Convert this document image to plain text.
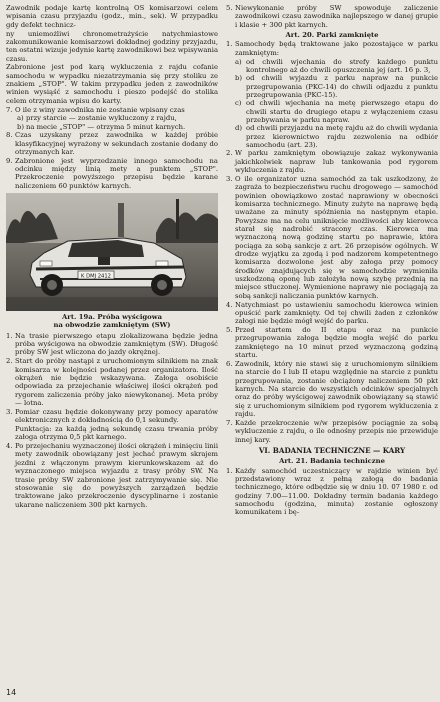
Zawodnik podaje kartę kontrolną OS komisarzowi celem wpisania czasu przyjazdu (godz., min., sek). W przypadku gdy defekt technicz-

ny uniemożliwi chronometrażyście natychmiastowe zakomunikowanie komisarzowi dokładnej godziny przyjazdu, ten ostatni wizuje jedynie kartę zawodnikowi bez wpisywania czasu.

Zabronione jest pod karą wykluczenia z rajdu cofanie samochodu w wypadku niezatrzymania się przy stoliku ze znakiem „STOP". W takim przypadku jeden z zawodników winien wysiąść z samochodu i pieszo podejść do stolika celem otrzymania wpisu do karty.

7. O ile z winy zawodnika nie zostanie wpisany czas
a) przy starcie — zostanie wykluczony z rajdu,
b) na mecie „STOP" — otrzyma 5 minut karnych.
8. Czas uzyskany przez zawodnika w każdej próbie klasyfikacyjnej wyrażony w sekundach zostanie dodany do otrzymanych kar.
9. Zabronione jest wyprzedzanie innego samochodu na odcinku między linią mety a punktem „STOP". Przekroczenie powyższego przepisu będzie karane naliczeniem 60 punktów karnych.
K DMJ 2412
Art. 19a. Próba wyścigowa
na obwodzie zamkniętym (SW)
1. Na trasie pierwszego etapu zlokalizowana będzie jedna próba wyścigowa na obwodzie zamkniętym (SW). Długość próby SW jest wliczona do jazdy okrężnej.
2. Start do próby nastąpi z uruchomionym silnikiem na znak komisarza w kolejności podanej przez organizatora. Ilość okrążeń nie będzie wskazywana. Załoga osobiście odpowiada za przejechanie właściwej ilości okrążeń pod rygorem zaliczenia próby jako niewykonanej. Meta próby — lotna.
3. Pomiar czasu będzie dokonywany przy pomocy aparatów elektronicznych z dokładnością do 0,1 sekundy.
Punktacja: za każdą jedną sekundę czasu trwania próby załoga otrzyma 0,5 pkt karnego.
4. Po przejechaniu wyznaczonej ilości okrążeń i minięciu linii mety zawodnik obowiązany jest jechać prawym skrajem jezdni z włączonym prawym kierunkowskazem aż do wyznaczonego miejsca wyjazdu z trasy próby SW. Na trasie próby SW zabronione jest zatrzymywanie się. Nie stosowanie się do powyższych zarządzeń będzie traktowane jako przekroczenie dyscyplinarne i zostanie ukarane naliczeniem 300 pkt karnych.
5. Niewykonanie próby SW spowoduje zaliczenie zawodnikowi czasu zawodnika najlepszego w danej grupie i klasie + 300 pkt karnych.
Art. 20. Parki zamknięte
1. Samochody będą traktowane jako pozostające w parku zamkniętym:
a) od chwili wjechania do strefy każdego punktu kontrolnego aż do chwili opuszczenia jej (art. 16 p. 3,
b) od chwili wyjazdu z parku napraw na punkcie przegrupowania (PKC-14) do chwili odjazdu z punktu przegrupowania (PKC-15).
c) od chwili wjechania na metę pierwszego etapu do chwili startu do drugiego etapu z wyłączeniem czasu przebywania w parku napraw.
d) od chwili przyjazdu na metę rajdu aż do chwili wydania przez kierownictwo rajdu zezwolenia na odbiór samochodu (art. 23).
2. W parku zamkniętym obowiązuje zakaz wykonywania jakichkolwiek napraw lub tankowania pod rygorem wykluczenia z rajdu.
3. O ile organizator uzna samochód za tak uszkodzony, że zagraża to bezpieczeństwu ruchu drogowego — samochód powinien obowiązkowo zostać naprawiony w obecności komisarza technicznego. Minuty zużyte na naprawę będą uważane za minuty spóźnienia na następnym etapie. Powyższe ma na celu uniknięcie możliwości aby kierowca starał się nadrobić stracony czas. Kierowca ma wyznaczoną nową godzinę startu po naprawie, która pociąga za sobą sankcje z art. 26 przepisów ogólnych. W drodze wyjątku za zgodą i pod nadzorem kompetentnego komisarza dozwolone jest aby załoga przy pomocy środków znajdujących się w samochodzie wymieniła uszkodzoną oponę lub założyła nową szybę przednią na miejsce stłuczonej. Wymienione naprawy nie pociągają za sobą sankcji naliczania punktów karnych.
4. Natychmiast po ustawieniu samochodu kierowca winien opuścić park zamknięty. Od tej chwili żaden z członków załogi nie będzie mógł wejść do parku.
5. Przed startem do II etapu oraz na punkcie przegrupowania załoga będzie mogła wejść do parku zamkniętego na 10 minut przed wyznaczoną godziną startu.
6. Zawodnik, który nie stawi się z uruchomionym silnikiem na starcie do I lub II etapu względnie na starcie z punktu przegrupowania, zostanie obciążony naliczeniem 50 pkt karnych. Na starcie do wszystkich odcinków specjalnych oraz do próby wyścigowej zawodnik obowiązany są stawić się z uruchomionym silnikiem pod rygorem wykluczenia z rajdu.
7. Każde przekroczenie w/w przepisów pociągnie za sobą wykluczenie z rajdu, o ile odnośny przepis nie przewiduje innej kary.
VI. BADANIA TECHNICZNE — KARY
Art. 21. Badania techniczne
1. Każdy samochód uczestniczący w rajdzie winien być przedstawiony wraz z pełną załogą do badania technicznego, które odbędzie się w dniu 10. 07 1980 r. od godziny 7.00—11.00. Dokładny termin badania każdego samochodu (godzina, minuta) zostanie ogłoszony komunikatem i bę-
14
